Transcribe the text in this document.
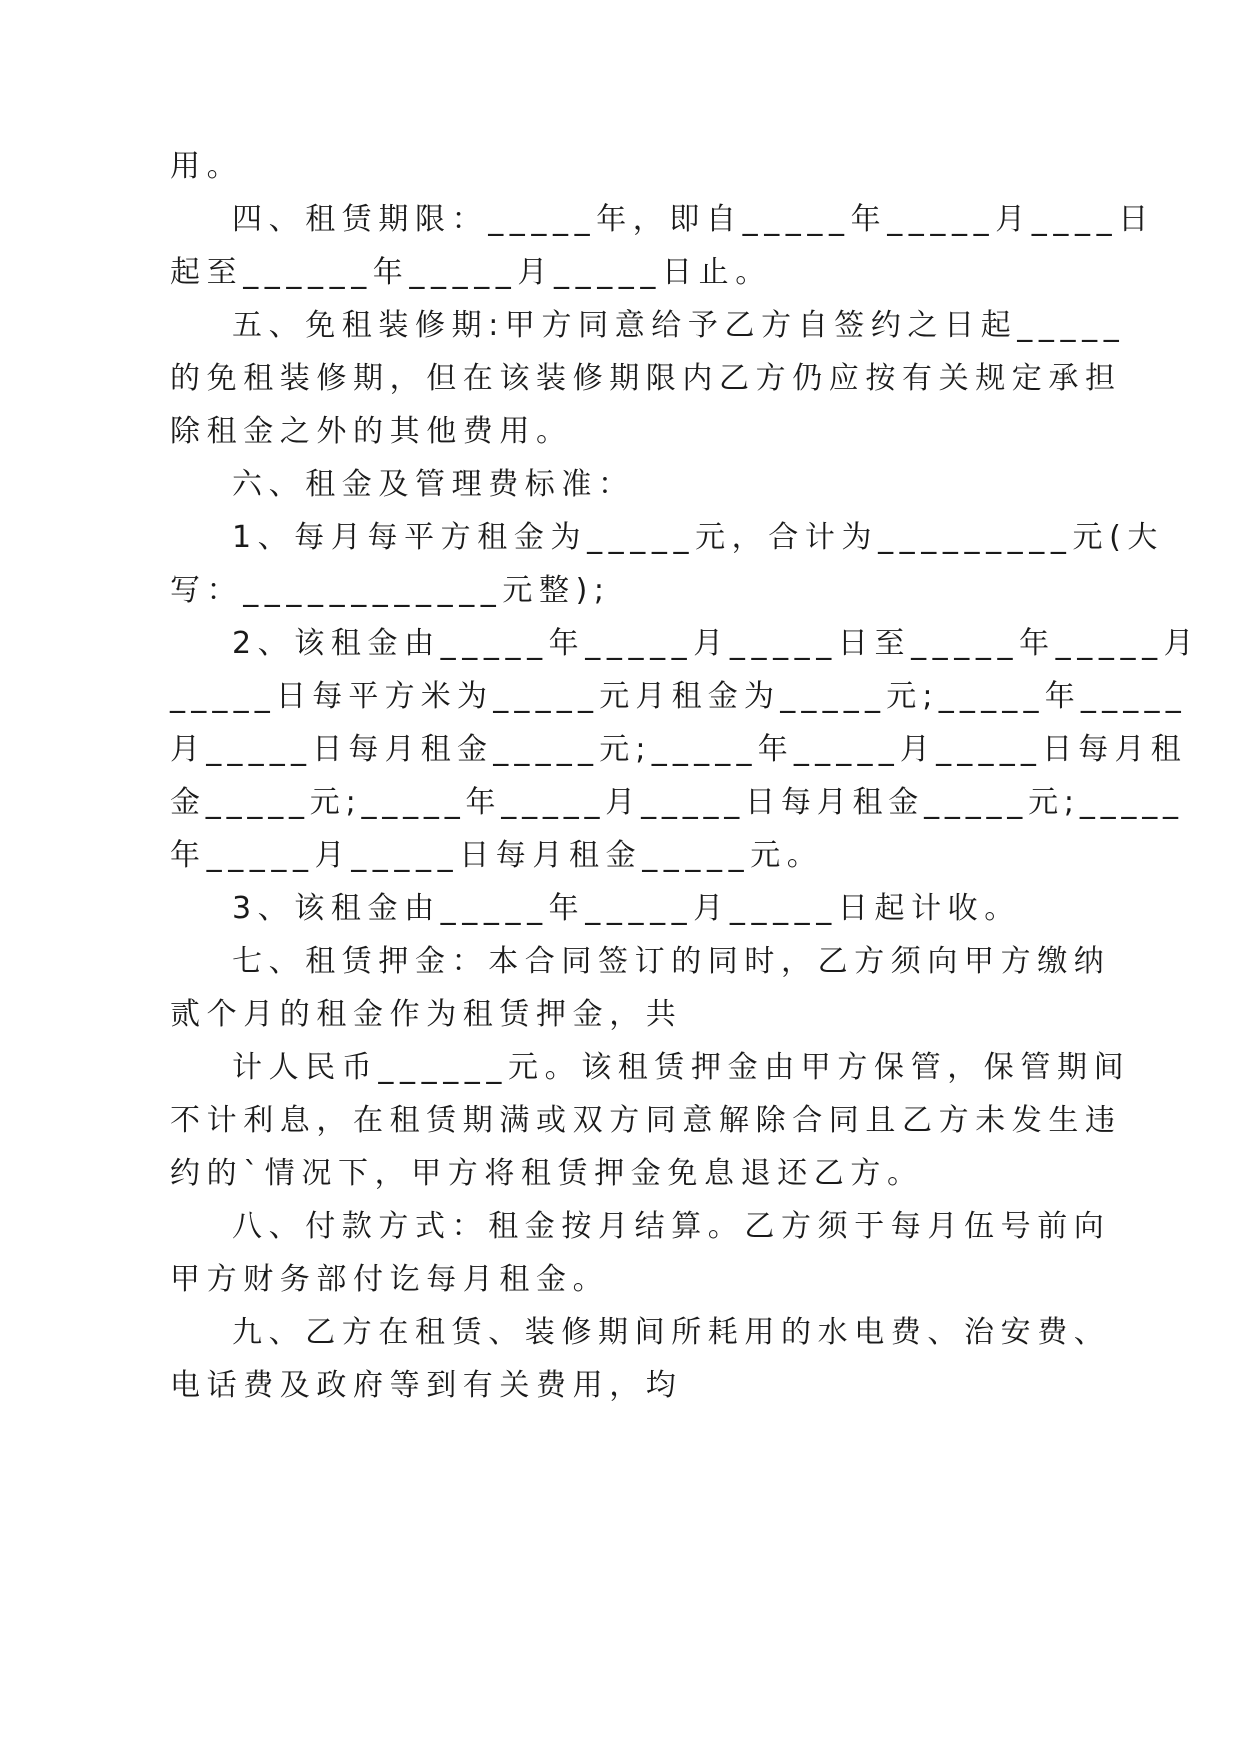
用。
四、租赁期限：_____年，即自_____年_____月____日
起至______年_____月_____日止。
五、免租装修期:甲方同意给予乙方自签约之日起_____
的免租装修期，但在该装修期限内乙方仍应按有关规定承担
除租金之外的其他费用。
六、租金及管理费标准：
1、每月每平方租金为_____元，合计为_________元(大
写：____________元整);
2、该租金由_____年_____月_____日至_____年_____月
_____日每平方米为_____元月租金为_____元;_____年_____
月_____日每月租金_____元;_____年_____月_____日每月租
金_____元;_____年_____月_____日每月租金_____元;_____
年_____月_____日每月租金_____元。
3、该租金由_____年_____月_____日起计收。
七、租赁押金：本合同签订的同时，乙方须向甲方缴纳
贰个月的租金作为租赁押金，共
计人民币______元。该租赁押金由甲方保管，保管期间
不计利息，在租赁期满或双方同意解除合同且乙方未发生违
约的`情况下，甲方将租赁押金免息退还乙方。
八、付款方式：租金按月结算。乙方须于每月伍号前向
甲方财务部付讫每月租金。
九、乙方在租赁、装修期间所耗用的水电费、治安费、
电话费及政府等到有关费用，均
